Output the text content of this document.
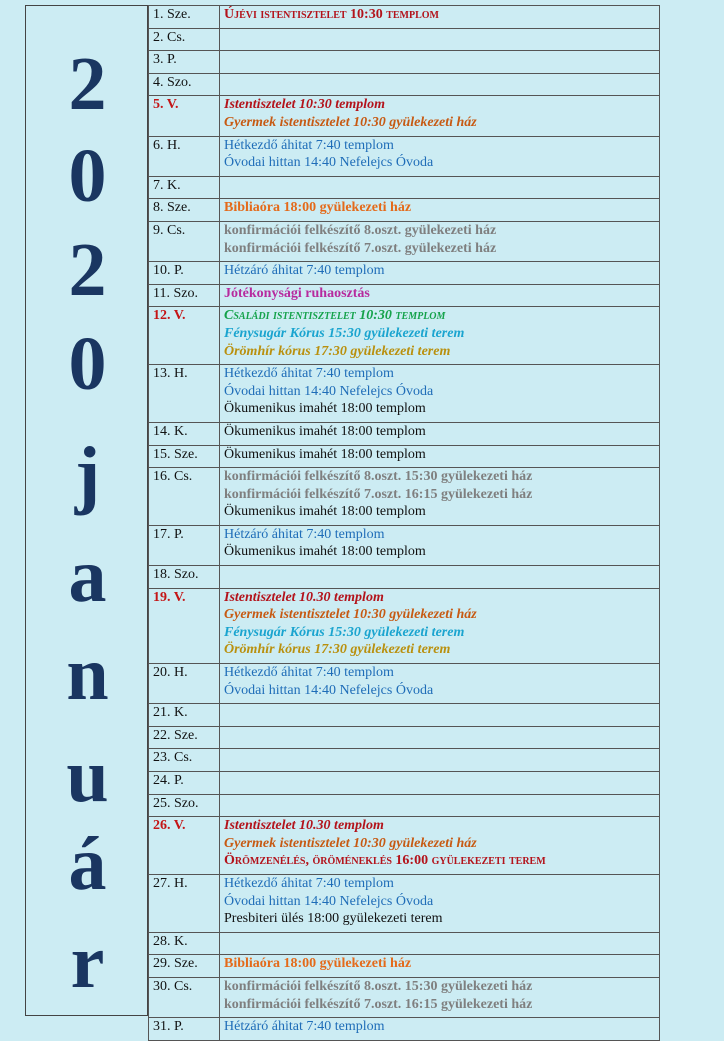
2
0
2
0
j
a
n
u
á
r
1. Sze.	Újévi istentisztelet 10:30 templom

2. Cs.	
3. P.	
4. Szo.	
5. V.	Istentisztelet 10:30 templom
Gyermek istentisztelet 10:30 gyülekezeti ház

6. H.	Hétkezdő áhitat 7:40 templom
Óvodai hittan 14:40 Nefelejcs Óvoda

7. K.	
8. Sze.	Bibliaóra 18:00 gyülekezeti ház

9. Cs.	konfirmációi felkészítő 8.oszt. gyülekezeti ház
konfirmációi felkészítő 7.oszt. gyülekezeti ház

10. P.	Hétzáró áhitat 7:40 templom

11. Szo.	Jótékonysági ruhaosztás

12. V.	Családi istentisztelet 10:30 templom
Fénysugár Kórus 15:30 gyülekezeti terem
Örömhír kórus 17:30 gyülekezeti terem

13. H.	Hétkezdő áhitat 7:40 templom
Óvodai hittan 14:40 Nefelejcs Óvoda
Ökumenikus imahét 18:00 templom

14. K.	Ökumenikus imahét 18:00 templom

15. Sze.	Ökumenikus imahét 18:00 templom

16. Cs.	konfirmációi felkészítő 8.oszt. 15:30 gyülekezeti ház
konfirmációi felkészítő 7.oszt. 16:15 gyülekezeti ház
Ökumenikus imahét 18:00 templom

17. P.	Hétzáró áhitat 7:40 templom
Ökumenikus imahét 18:00 templom

18. Szo.	
19. V.	Istentisztelet 10.30 templom
Gyermek istentisztelet 10:30 gyülekezeti ház
Fénysugár Kórus 15:30 gyülekezeti terem
Örömhír kórus 17:30 gyülekezeti terem

20. H.	Hétkezdő áhitat 7:40 templom
Óvodai hittan 14:40 Nefelejcs Óvoda

21. K.	
22. Sze.	
23. Cs.	
24. P.	
25. Szo.	
26. V.	Istentisztelet 10.30 templom
Gyermek istentisztelet 10:30 gyülekezeti ház
Örömzenélés, öröméneklés 16:00 gyülekezeti terem

27. H.	Hétkezdő áhitat 7:40 templom
Óvodai hittan 14:40 Nefelejcs Óvoda
Presbiteri ülés 18:00 gyülekezeti terem

28. K.	
29. Sze.	Bibliaóra 18:00 gyülekezeti ház

30. Cs.	konfirmációi felkészítő 8.oszt. 15:30 gyülekezeti ház
konfirmációi felkészítő 7.oszt. 16:15 gyülekezeti ház

31. P.	Hétzáró áhitat 7:40 templom
